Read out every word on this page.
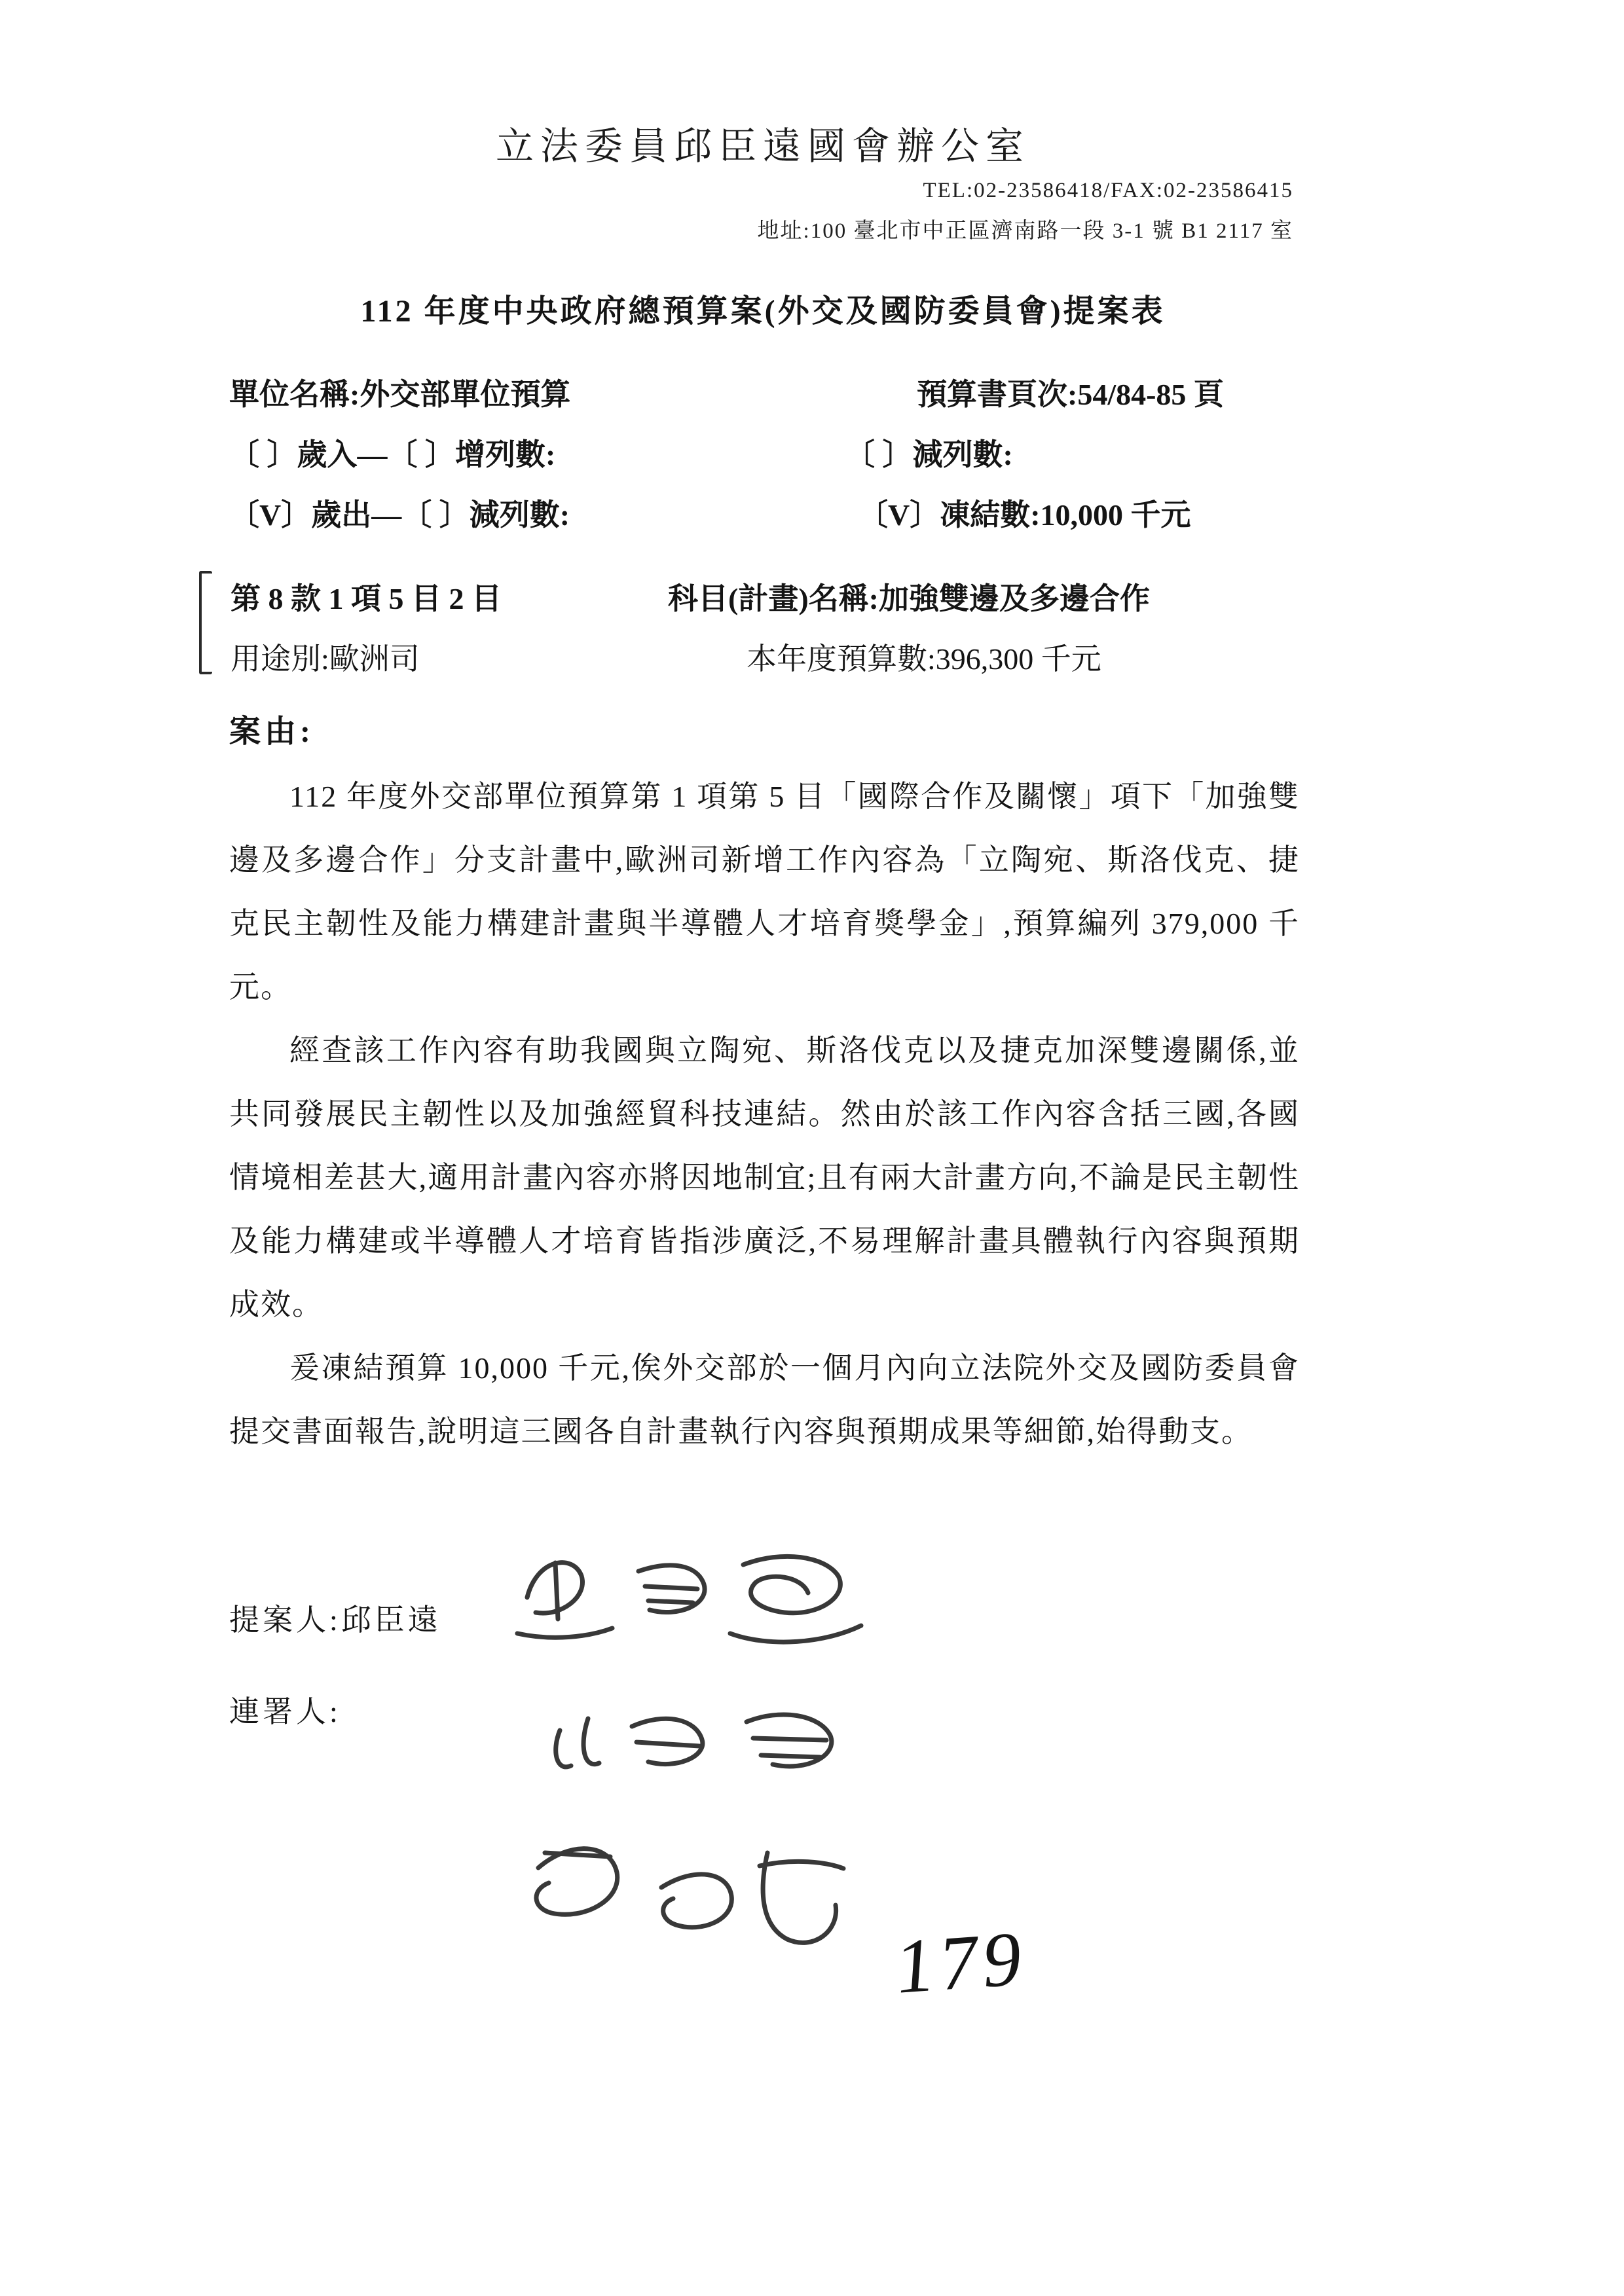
立法委員邱臣遠國會辦公室
TEL:02-23586418/FAX:02-23586415
地址:100 臺北市中正區濟南路一段 3-1 號 B1 2117 室
112 年度中央政府總預算案(外交及國防委員會)提案表
單位名稱:外交部單位預算	預算書頁次:54/84-85 頁
〔 〕歲入—〔 〕增列數:	〔 〕減列數:
〔V〕歲出—〔 〕減列數:	〔V〕凍結數:10,000 千元
第 8 款 1 項 5 目 2 目	科目(計畫)名稱:加強雙邊及多邊合作
用途別:歐洲司	本年度預算數:396,300 千元
案由:

112 年度外交部單位預算第 1 項第 5 目「國際合作及關懷」項下「加強雙邊及多邊合作」分支計畫中,歐洲司新增工作內容為「立陶宛、斯洛伐克、捷克民主韌性及能力構建計畫與半導體人才培育獎學金」,預算編列 379,000 千元。

經查該工作內容有助我國與立陶宛、斯洛伐克以及捷克加深雙邊關係,並共同發展民主韌性以及加強經貿科技連結。然由於該工作內容含括三國,各國情境相差甚大,適用計畫內容亦將因地制宜;且有兩大計畫方向,不論是民主韌性及能力構建或半導體人才培育皆指涉廣泛,不易理解計畫具體執行內容與預期成效。

爰凍結預算 10,000 千元,俟外交部於一個月內向立法院外交及國防委員會提交書面報告,說明這三國各自計畫執行內容與預期成果等細節,始得動支。

提案人:邱臣遠
連署人:
179
